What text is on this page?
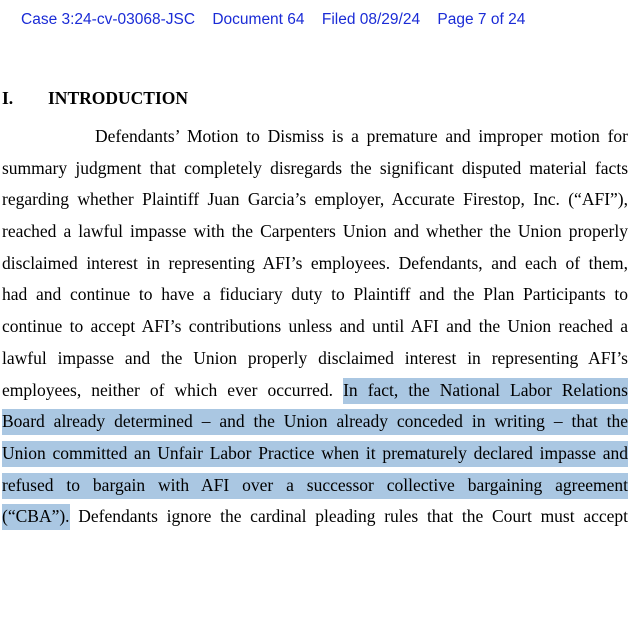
Case 3:24-cv-03068-JSC Document 64 Filed 08/29/24 Page 7 of 24
I. INTRODUCTION
Defendants’ Motion to Dismiss is a premature and improper motion for
summary judgment that completely disregards the significant disputed material facts
regarding whether Plaintiff Juan Garcia’s employer, Accurate Firestop, Inc. (“AFI”),
reached a lawful impasse with the Carpenters Union and whether the Union properly
disclaimed interest in representing AFI’s employees. Defendants, and each of them,
had and continue to have a fiduciary duty to Plaintiff and the Plan Participants to
continue to accept AFI’s contributions unless and until AFI and the Union reached a
lawful impasse and the Union properly disclaimed interest in representing AFI’s
employees, neither of which ever occurred. In fact, the National Labor Relations
Board already determined – and the Union already conceded in writing – that the
Union committed an Unfair Labor Practice when it prematurely declared impasse and
refused to bargain with AFI over a successor collective bargaining agreement
(“CBA”). Defendants ignore the cardinal pleading rules that the Court must accept
